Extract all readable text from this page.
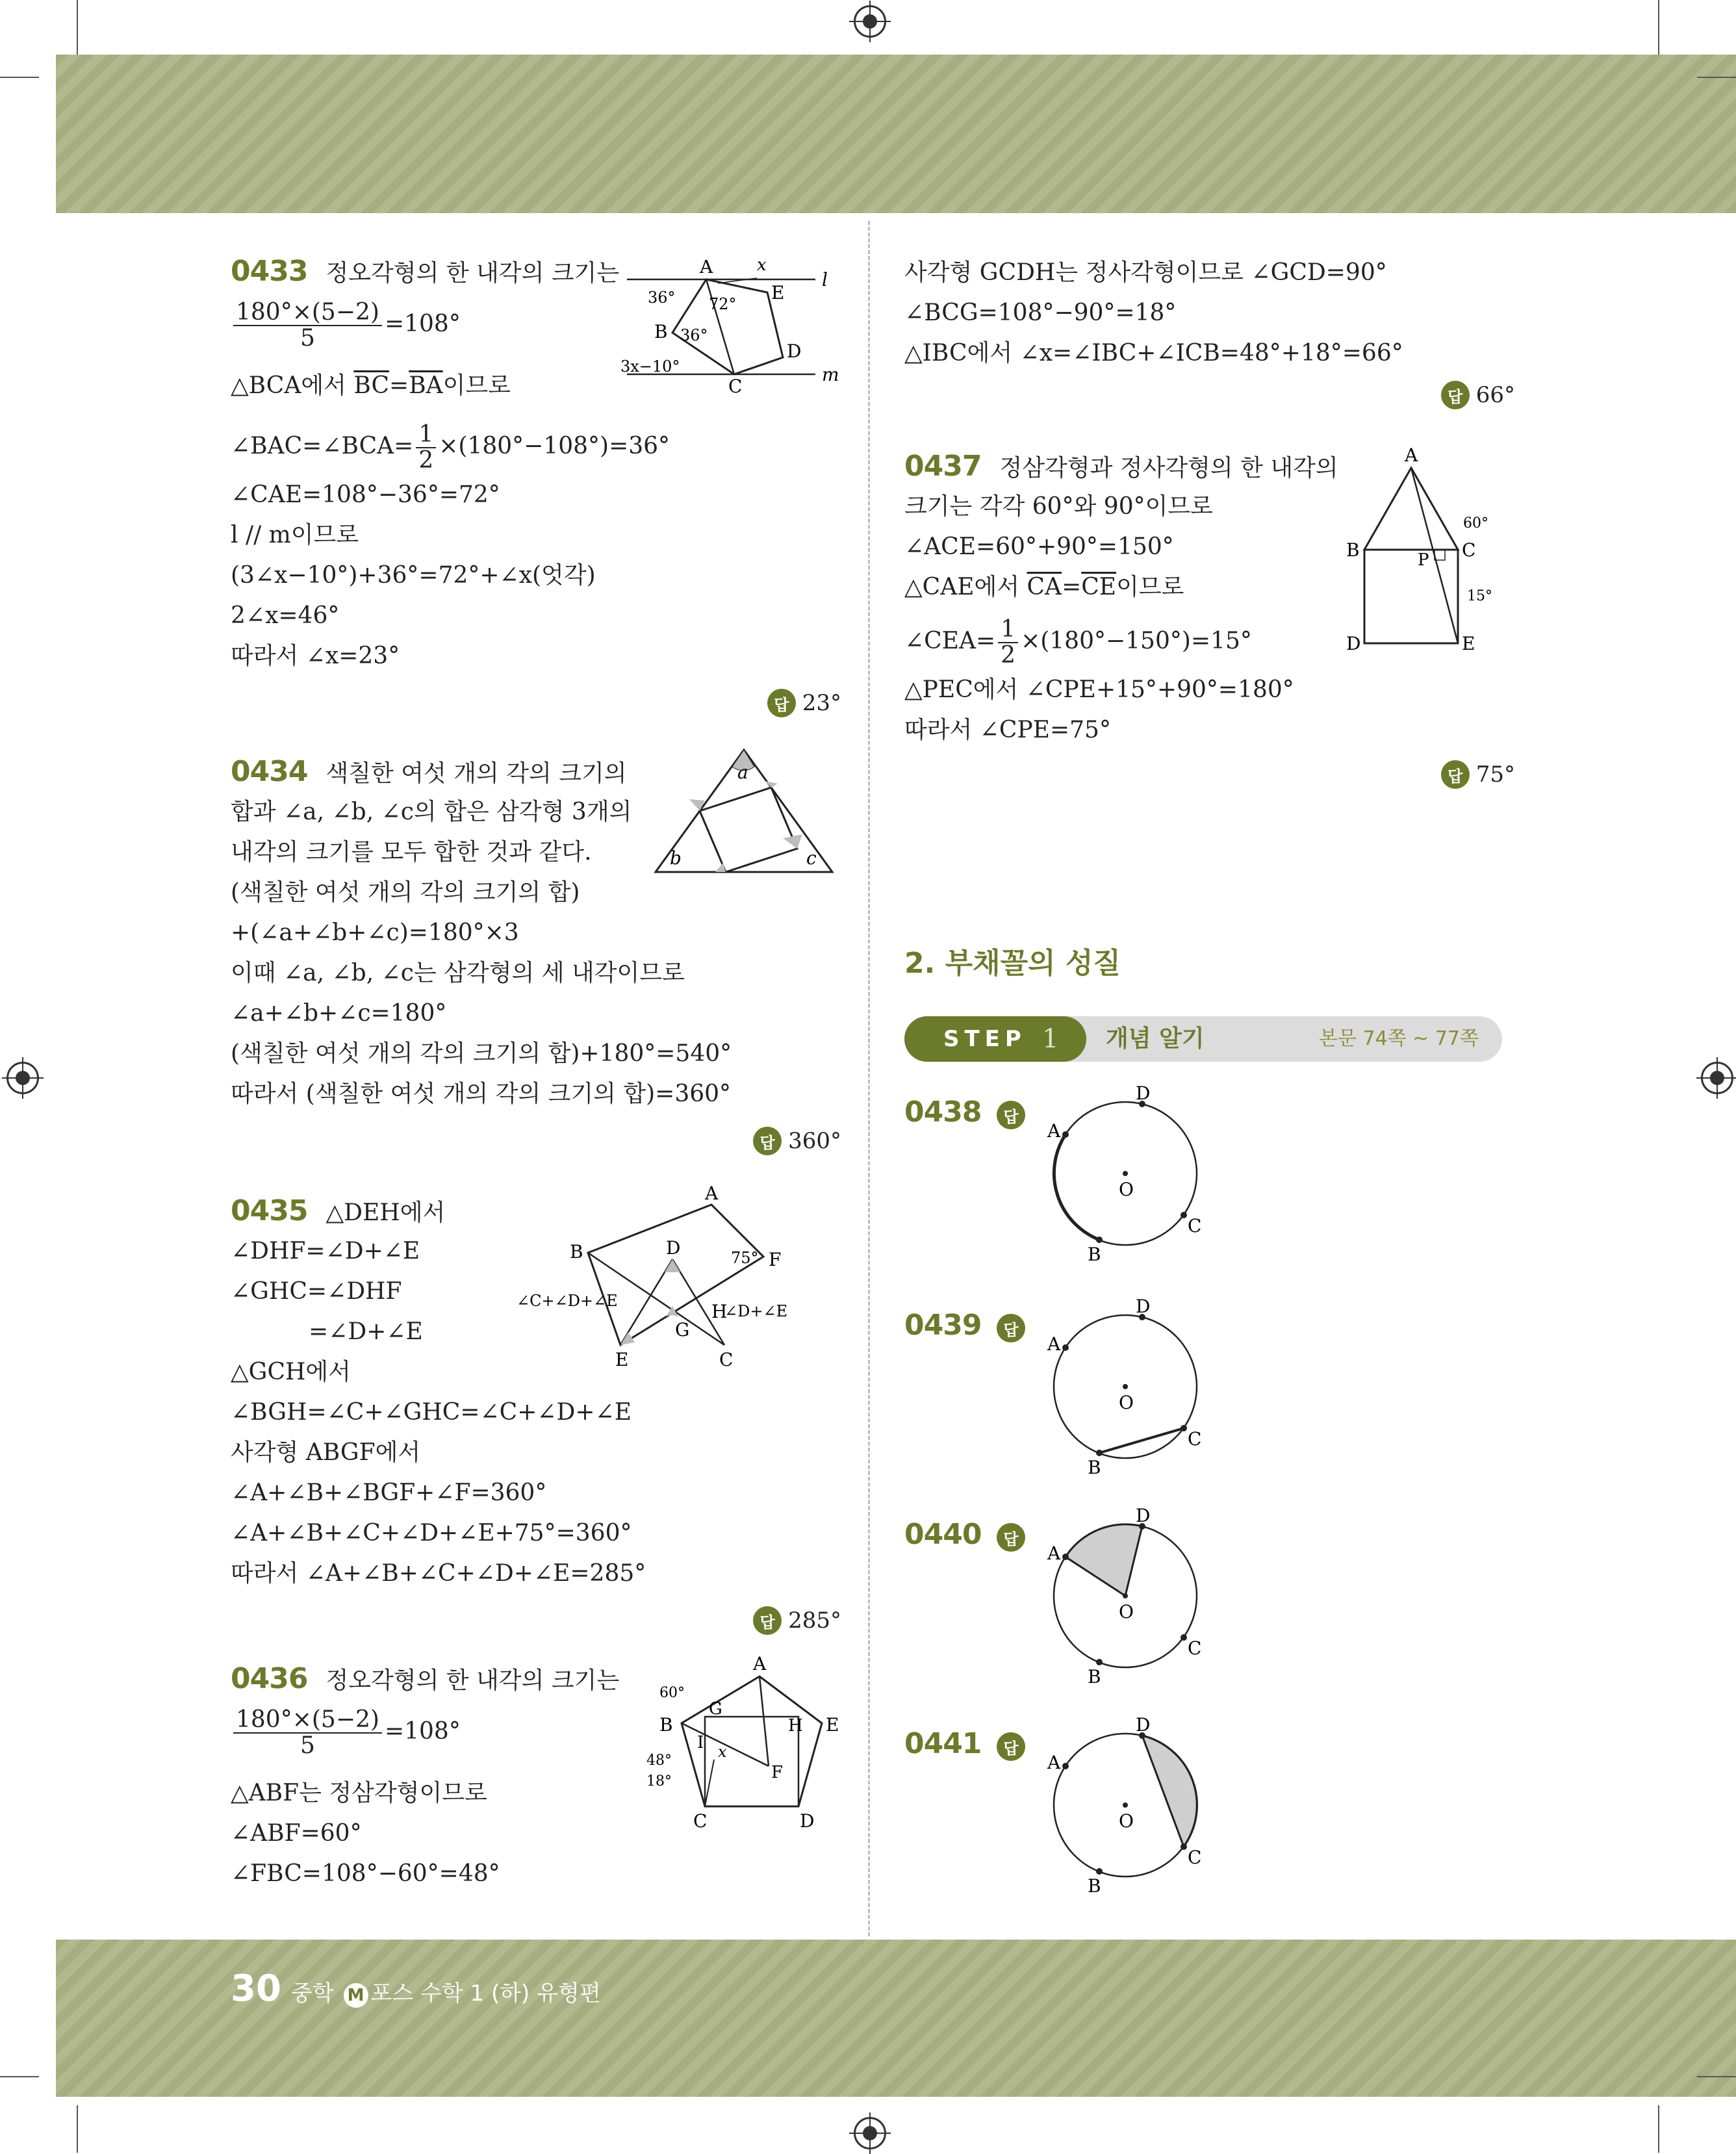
0433 정오각형의 한 내각의 크기는
$\frac{180^\circ\times(5-2)}{5} =108^\circ$
△BCA에서 $\overline{BC}=\overline{BA}$이므로
∠BAC=∠BCA= $\frac{1}{2} \times(180^\circ-108^\circ)=36^\circ$
∠CAE=108°−36°=72°
l // m이므로
(3∠x−10°)+36°=72°+∠x(엇각)
2∠x=46°
따라서 ∠x=23°
답 23°
A
E
B
D
C
l
m
x
36° 72°
36°
3x−10°
0434 색칠한 여섯 개의 각의 크기의
합과 ∠a, ∠b, ∠c의 합은 삼각형 3개의
내각의 크기를 모두 합한 것과 같다.
(색칠한 여섯 개의 각의 크기의 합)
+(∠a+∠b+∠c)=180°×3
이때 ∠a, ∠b, ∠c는 삼각형의 세 내각이므로
∠a+∠b+∠c=180°
(색칠한 여섯 개의 각의 크기의 합)+180°=540°
따라서 (색칠한 여섯 개의 각의 크기의 합)=360°
답 360°
a
b	c
0435 △DEH에서
∠DHF=∠D+∠E
∠GHC=∠DHF
=∠D+∠E
△GCH에서
∠BGH=∠C+∠GHC=∠C+∠D+∠E
사각형 ABGF에서
∠A+∠B+∠BGF+∠F=360°
∠A+∠B+∠C+∠D+∠E+75°=360°
따라서 ∠A+∠B+∠C+∠D+∠E=285°
답 285°
A
B	D
F
E
G
C
H
75°
∠C+∠D+∠E
∠D+∠E
0436 정오각형의 한 내각의 크기는
$\frac{180^\circ\times(5-2)}{5} =108^\circ$
△ABF는 정삼각형이므로
∠ABF=60°
∠FBC=108°−60°=48°
A
B	E
C	D
G
H
I
F
x
60°
48°
18°
사각형 GCDH는 정사각형이므로 ∠GCD=90°
∠BCG=108°−90°=18°
△IBC에서 ∠x=∠IBC+∠ICB=48°+18°=66°
답 66°
0437 정삼각형과 정사각형의 한 내각의
크기는 각각 60°와 90°이므로
∠ACE=60°+90°=150°
△CAE에서 $\overline{CA}=\overline{CE}$이므로
∠CEA= $\frac{1}{2} \times(180^\circ-150^\circ)=15^\circ$
△PEC에서 ∠CPE+15°+90°=180°
따라서 ∠CPE=75°
답 75°
A
B	C
D	E
P
60°
15°
2. 부채꼴의 성질
STEP 1 개념 알기	본문 74쪽 ~ 77쪽
0438	답
A
D
C
B
O
0439	답
A
D
C
B
O
0440	답
A
D
C
B
O
0441	답
A
D
C
B
O
30 중학 M 포스 수학 1 (하) 유형편
